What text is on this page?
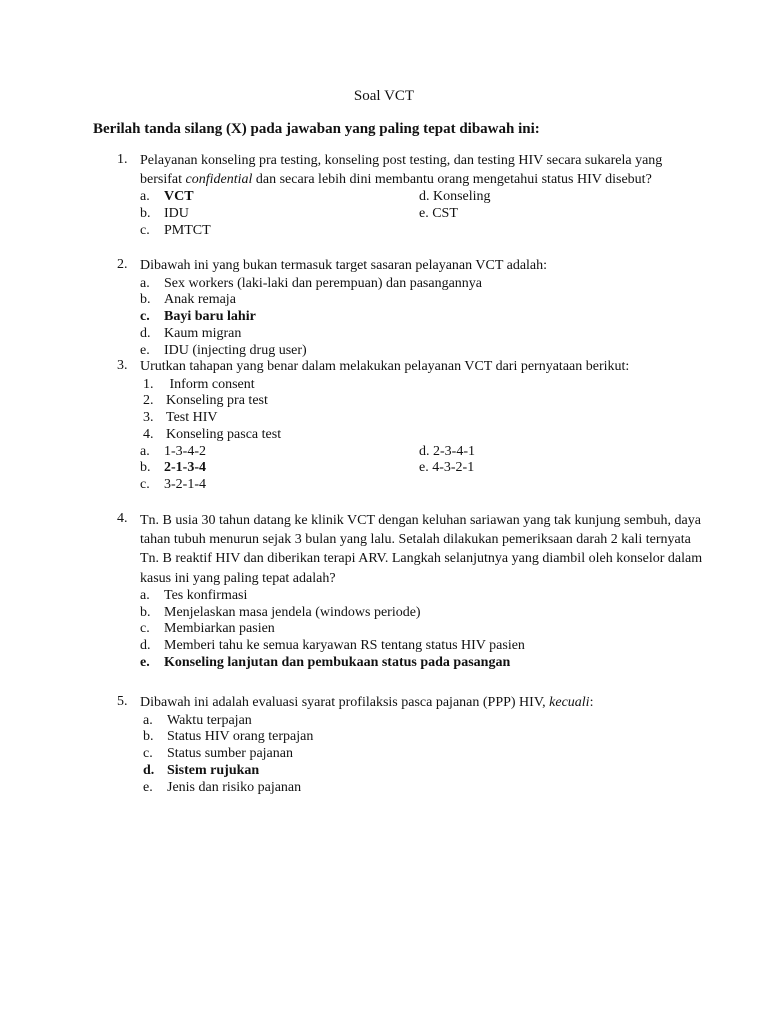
Soal VCT
Berilah tanda silang (X) pada jawaban yang paling tepat dibawah ini:
1. Pelayanan konseling pra testing, konseling post testing, dan testing HIV secara sukarela yang bersifat confidential dan secara lebih dini membantu orang mengetahui status HIV disebut?
a. VCT	d. Konseling
b. IDU	e. CST
c. PMTCT
2. Dibawah ini yang bukan termasuk target sasaran pelayanan VCT adalah:
a. Sex workers (laki-laki dan perempuan) dan pasangannya
b. Anak remaja
c. Bayi baru lahir
d. Kaum migran
e. IDU (injecting drug user)
3. Urutkan tahapan yang benar dalam melakukan pelayanan VCT dari pernyataan berikut:
1. Inform consent
2. Konseling pra test
3. Test HIV
4. Konseling pasca test
a. 1-3-4-2	d. 2-3-4-1
b. 2-1-3-4	e. 4-3-2-1
c. 3-2-1-4
4. Tn. B usia 30 tahun datang ke klinik VCT dengan keluhan sariawan yang tak kunjung sembuh, daya tahan tubuh menurun sejak 3 bulan yang lalu. Setalah dilakukan pemeriksaan darah 2 kali ternyata Tn. B reaktif HIV dan diberikan terapi ARV. Langkah selanjutnya yang diambil oleh konselor dalam kasus ini yang paling tepat adalah?
a. Tes konfirmasi
b. Menjelaskan masa jendela (windows periode)
c. Membiarkan pasien
d. Memberi tahu ke semua karyawan RS tentang status HIV pasien
e. Konseling lanjutan dan pembukaan status pada pasangan
5. Dibawah ini adalah evaluasi syarat profilaksis pasca pajanan (PPP) HIV, kecuali:
a. Waktu terpajan
b. Status HIV orang terpajan
c. Status sumber pajanan
d. Sistem rujukan
e. Jenis dan risiko pajanan
